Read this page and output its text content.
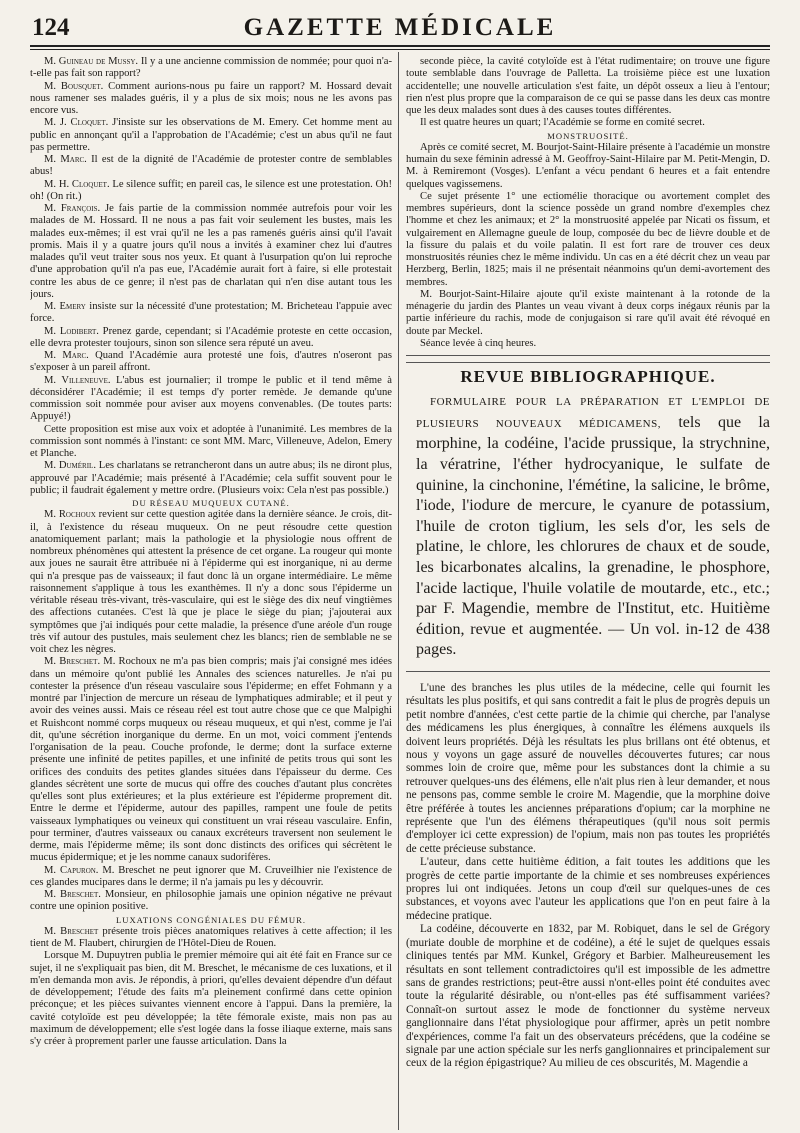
124	GAZETTE MÉDICALE

M. Guineau de Mussy. Il y a une ancienne commission de nommée; pour quoi n'a-t-elle pas fait son rapport?

M. Bousquet. Comment aurions-nous pu faire un rapport? M. Hossard devait nous ramener ses malades guéris, il y a plus de six mois; nous ne les avons pas encore vus.

M. J. Cloquet. J'insiste sur les observations de M. Emery. Cet homme ment au public en annonçant qu'il a l'approbation de l'Académie; c'est un abus qu'il ne faut pas permettre.

M. Marc. Il est de la dignité de l'Académie de protester contre de semblables abus!

M. H. Cloquet. Le silence suffit; en pareil cas, le silence est une protestation. Oh! oh! (On rit.)

M. François. Je fais partie de la commission nommée autrefois pour voir les malades de M. Hossard. Il ne nous a pas fait voir seulement les bustes, mais les malades eux-mêmes; il est vrai qu'il ne les a pas ramenés guéris ainsi qu'il l'avait promis. Mais il y a quatre jours qu'il nous a invités à examiner chez lui d'autres malades qu'il veut traiter sous nos yeux. Et quant à l'usurpation qu'on lui reproche d'une approbation qu'il n'a pas eue, l'Académie aurait fort à faire, si elle protestait contre les abus de ce genre; il n'est pas de charlatan qui n'en dise autant tous les jours.

M. Emery insiste sur la nécessité d'une protestation; M. Bricheteau l'appuie avec force.

M. Lodibert. Prenez garde, cependant; si l'Académie proteste en cette occasion, elle devra protester toujours, sinon son silence sera réputé un aveu.

M. Marc. Quand l'Académie aura protesté une fois, d'autres n'oseront pas s'exposer à un pareil affront.

M. Villeneuve. L'abus est journalier; il trompe le public et il tend même à déconsidérer l'Académie; il est temps d'y porter remède. Je demande qu'une commission soit nommée pour aviser aux moyens convenables. (De toutes parts: Appuyé!)

Cette proposition est mise aux voix et adoptée à l'unanimité. Les membres de la commission sont nommés à l'instant: ce sont MM. Marc, Villeneuve, Adelon, Emery et Planche.

M. Duméril. Les charlatans se retrancheront dans un autre abus; ils ne diront plus, approuvé par l'Académie; mais présenté à l'Académie; cela suffit souvent pour le public; il faudrait également y mettre ordre. (Plusieurs voix: Cela n'est pas possible.)

DU RÉSEAU MUQUEUX CUTANÉ.

M. Rochoux revient sur cette question agitée dans la dernière séance. Je crois, dit-il, à l'existence du réseau muqueux. On ne peut résoudre cette question anatomiquement parlant; mais la pathologie et la physiologie nous offrent de nombreux phénomènes qui attestent la présence de cet organe. La rougeur qui monte aux joues ne saurait être attribuée ni à l'épiderme qui est inorganique, ni au derme qui n'a presque pas de vaisseaux; il faut donc là un organe intermédiaire. Le même raisonnement s'applique à tous les exanthèmes. Il n'y a donc sous l'épiderme un véritable réseau très-vivant, très-vasculaire, qui est le siège des dix neuf vingtièmes des affections cutanées. C'est là que je place le siège du pian; j'ajouterai aux symptômes que j'ai indiqués pour cette maladie, la présence d'une aréole d'un rouge très vif autour des pustules, mais seulement chez les blancs; rien de semblable ne se voit chez les nègres.

M. Breschet. M. Rochoux ne m'a pas bien compris; mais j'ai consigné mes idées dans un mémoire qu'ont publié les Annales des sciences naturelles. Je n'ai pu contester la présence d'un réseau vasculaire sous l'épiderme; en effet Fohmann y a montré par l'injection de mercure un réseau de lymphatiques admirable; et il peut y avoir des veines aussi. Mais ce réseau réel est tout autre chose que ce que Malpighi et Ruishcont nommé corps muqueux ou réseau muqueux, et qui n'est, comme je l'ai dit, qu'une sécrétion inorganique du derme. En un mot, voici comment j'entends l'organisation de la peau. Couche profonde, le derme; dont la surface externe présente une infinité de petites papilles, et une infinité de petits trous qui sont les orifices des conduits des petites glandes situées dans l'épaisseur du derme. Ces glandes sécrètent une sorte de mucus qui offre des couches d'autant plus concrètes qu'elles sont plus extérieures; et la plus extérieure est l'épiderme proprement dit. Entre le derme et l'épiderme, autour des papilles, rampent une foule de petits vaisseaux lymphatiques ou veineux qui constituent un vrai réseau vasculaire. Enfin, pour terminer, d'autres vaisseaux ou canaux excréteurs traversent non seulement le derme, mais l'épiderme même; ils sont donc distincts des orifices qui sécrètent le mucus épidermique; et je les nomme canaux sudorifères.

M. Capuron. M. Breschet ne peut ignorer que M. Cruveilhier nie l'existence de ces glandes mucipares dans le derme; il n'a jamais pu les y découvrir.

M. Breschet. Monsieur, en philosophie jamais une opinion négative ne prévaut contre une opinion positive.

LUXATIONS CONGÉNIALES DU FÉMUR.

M. Breschet présente trois pièces anatomiques relatives à cette affection; il les tient de M. Flaubert, chirurgien de l'Hôtel-Dieu de Rouen.

Lorsque M. Dupuytren publia le premier mémoire qui ait été fait en France sur ce sujet, il ne s'expliquait pas bien, dit M. Breschet, le mécanisme de ces luxations, et il m'en demanda mon avis. Je répondis, à priori, qu'elles devaient dépendre d'un défaut de développement; l'étude des faits m'a pleinement confirmé dans cette opinion préconçue; et les pièces suivantes viennent encore à l'appui. Dans la première, la cavité cotyloïde est peu développée; la tête fémorale existe, mais non pas au maximum de développement; elle s'est logée dans la fosse iliaque externe, mais sans s'y créer à proprement parler une fausse articulation. Dans la

seconde pièce, la cavité cotyloïde est à l'état rudimentaire; on trouve une figure toute semblable dans l'ouvrage de Palletta. La troisième pièce est une luxation accidentelle; une nouvelle articulation s'est faite, un dépôt osseux a lieu à l'entour; rien n'est plus propre que la comparaison de ce qui se passe dans les deux cas montre que les deux malades sont dues à des causes toutes différentes.

Il est quatre heures un quart; l'Académie se forme en comité secret.

MONSTRUOSITÉ.

Après ce comité secret, M. Bourjot-Saint-Hilaire présente à l'académie un monstre humain du sexe féminin adressé à M. Geoffroy-Saint-Hilaire par M. Petit-Mengin, D. M. à Remiremont (Vosges). L'enfant a vécu pendant 6 heures et a fait entendre quelques vagissemens.

Ce sujet présente 1° une ectiomélie thoracique ou avortement complet des membres supérieurs, dont la science possède un grand nombre d'exemples chez l'homme et chez les animaux; et 2° la monstruosité appelée par Nicati os fissum, et vulgairement en Allemagne gueule de loup, composée du bec de lièvre double et de la fissure du palais et du voile palatin. Il est fort rare de trouver ces deux monstruosités réunies chez le même individu. Un cas en a été décrit chez un veau par Herzberg, Berlin, 1825; mais il ne présentait néanmoins qu'un demi-avortement des membres.

M. Bourjot-Saint-Hilaire ajoute qu'il existe maintenant à la rotonde de la ménagerie du jardin des Plantes un veau vivant à deux corps inégaux réunis par la partie inférieure du rachis, mode de conjugaison si rare qu'il avait été révoqué en doute par Meckel.

Séance levée à cinq heures.

REVUE BIBLIOGRAPHIQUE.

FORMULAIRE POUR LA PRÉPARATION ET L'EMPLOI DE PLUSIEURS NOUVEAUX MÉDICAMENS, tels que la morphine, la codéine, l'acide prussique, la strychnine, la vératrine, l'éther hydrocyanique, le sulfate de quinine, la cinchonine, l'émétine, la salicine, le brôme, l'iode, l'iodure de mercure, le cyanure de potassium, l'huile de croton tiglium, les sels d'or, les sels de platine, le chlore, les chlorures de chaux et de soude, les bicarbonates alcalins, la grenadine, le phosphore, l'acide lactique, l'huile volatile de moutarde, etc., etc.; par F. Magendie, membre de l'Institut, etc. Huitième édition, revue et augmentée. — Un vol. in-12 de 438 pages.

L'une des branches les plus utiles de la médecine, celle qui fournit les résultats les plus positifs, et qui sans contredit a fait le plus de progrès depuis un petit nombre d'années, c'est cette partie de la chimie qui cherche, par l'analyse des médicamens les plus énergiques, à connaître les élémens auxquels ils doivent leurs propriétés. Déjà les résultats les plus brillans ont été obtenus, et nous y voyons un gage assuré de nouvelles découvertes futures; car nous sommes loin de croire que, même pour les substances dont la chimie a su retrouver quelques-uns des élémens, elle n'ait plus rien à leur demander, et nous ne pensons pas, comme semble le croire M. Magendie, que la morphine doive être préférée à toutes les anciennes préparations d'opium; car la morphine ne représente que l'un des élémens thérapeutiques (qu'il nous soit permis d'employer ici cette expression) de l'opium, mais non pas toutes les propriétés de cette précieuse substance.

L'auteur, dans cette huitième édition, a fait toutes les additions que les progrès de cette partie importante de la chimie et ses nombreuses expériences propres lui ont indiquées. Jetons un coup d'œil sur quelques-unes de ces substances, et voyons avec l'auteur les applications que l'on en peut faire à la médecine pratique.

La codéine, découverte en 1832, par M. Robiquet, dans le sel de Grégory (muriate double de morphine et de codéine), a été le sujet de quelques essais cliniques tentés par MM. Kunkel, Grégory et Barbier. Malheureusement les résultats en sont tellement contradictoires qu'il est impossible de les admettre sans de grandes restrictions; peut-être aussi n'ont-elles point été conduites avec toute la régularité désirable, ou n'ont-elles pas été suffisamment variées? Connaît-on surtout assez le mode de fonctionner du système nerveux ganglionnaire dans l'état physiologique pour affirmer, après un petit nombre d'expériences, comme l'a fait un des observateurs précédens, que la codéine se signale par une action spéciale sur les nerfs ganglionnaires et principalement sur ceux de la région épigastrique? Au milieu de ces obscurités, M. Magendie a
